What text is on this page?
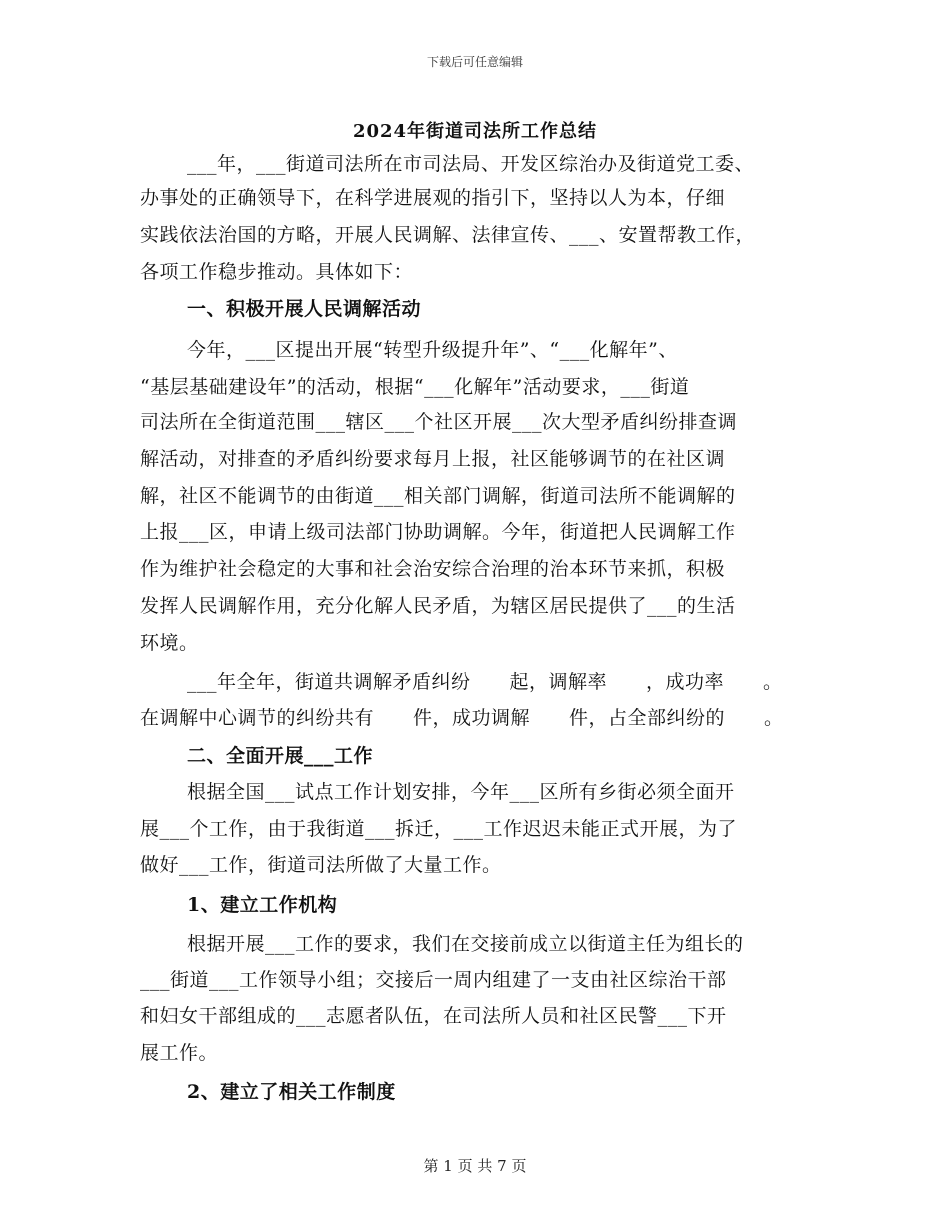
下载后可任意编辑
2024年街道司法所工作总结
___年，___街道司法所在市司法局、开发区综治办及街道党工委、
办事处的正确领导下，在科学进展观的指引下，坚持以人为本，仔细
实践依法治国的方略，开展人民调解、法律宣传、___、安置帮教工作，
各项工作稳步推动。具体如下：
一、积极开展人民调解活动
今年，___区提出开展“转型升级提升年”、“___化解年”、
“基层基础建设年”的活动，根据“___化解年”活动要求，___街道
司法所在全街道范围___辖区___个社区开展___次大型矛盾纠纷排查调
解活动，对排查的矛盾纠纷要求每月上报，社区能够调节的在社区调
解，社区不能调节的由街道___相关部门调解，街道司法所不能调解的
上报___区，申请上级司法部门协助调解。今年，街道把人民调解工作
作为维护社会稳定的大事和社会治安综合治理的治本环节来抓，积极
发挥人民调解作用，充分化解人民矛盾，为辖区居民提供了___的生活
环境。
___年全年，街道共调解矛盾纠纷　　起，调解率　　，成功率　　。
在调解中心调节的纠纷共有　　件，成功调解　　件，占全部纠纷的　　。
二、全面开展___工作
根据全国___试点工作计划安排，今年___区所有乡街必须全面开
展___个工作，由于我街道___拆迁，___工作迟迟未能正式开展，为了
做好___工作，街道司法所做了大量工作。
1、建立工作机构
根据开展___工作的要求，我们在交接前成立以街道主任为组长的
___街道___工作领导小组；交接后一周内组建了一支由社区综治干部
和妇女干部组成的___志愿者队伍，在司法所人员和社区民警___下开
展工作。
2、建立了相关工作制度
第 1 页 共 7 页
